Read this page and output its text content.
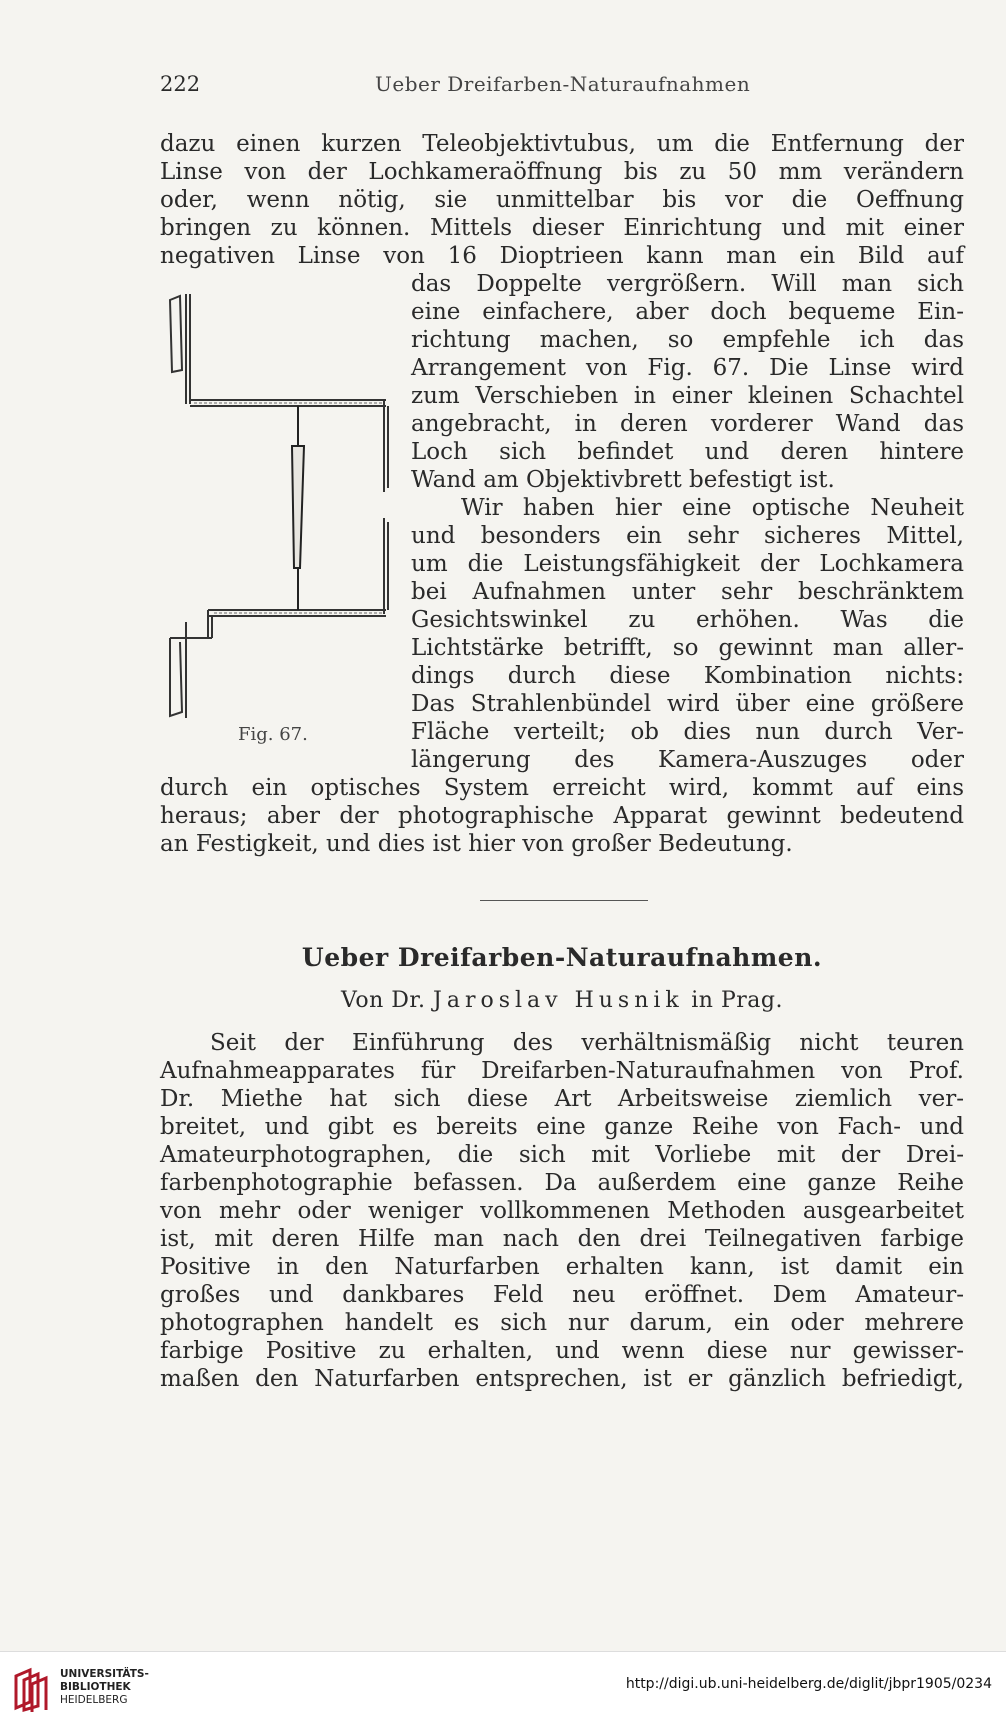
222	Ueber Dreifarben-Naturaufnahmen
dazu einen kurzen Teleobjektivtubus, um die Entfernung der
Linse von der Lochkameraöffnung bis zu 50 mm verändern
oder, wenn nötig, sie unmittelbar bis vor die Oeffnung
bringen zu können. Mittels dieser Einrichtung und mit einer
negativen Linse von 16 Dioptrieen kann man ein Bild auf
das Doppelte vergrößern. Will man sich
eine einfachere, aber doch bequeme Ein-
richtung machen, so empfehle ich das
Arrangement von Fig. 67. Die Linse wird
zum Verschieben in einer kleinen Schachtel
angebracht, in deren vorderer Wand das
Loch sich befindet und deren hintere
Wand am Objektivbrett befestigt ist.
Wir haben hier eine optische Neuheit
und besonders ein sehr sicheres Mittel,
um die Leistungsfähigkeit der Lochkamera
bei Aufnahmen unter sehr beschränktem
Gesichtswinkel zu erhöhen. Was die
Lichtstärke betrifft, so gewinnt man aller-
dings durch diese Kombination nichts:
Das Strahlenbündel wird über eine größere
Fläche verteilt; ob dies nun durch Ver-
längerung des Kamera-Auszuges oder
durch ein optisches System erreicht wird, kommt auf eins
heraus; aber der photographische Apparat gewinnt bedeutend
an Festigkeit, und dies ist hier von großer Bedeutung.
Fig. 67.
Ueber Dreifarben-Naturaufnahmen.
Von Dr. Jaroslav Husnik in Prag.
Seit der Einführung des verhältnismäßig nicht teuren
Aufnahmeapparates für Dreifarben-Naturaufnahmen von Prof.
Dr. Miethe hat sich diese Art Arbeitsweise ziemlich ver-
breitet, und gibt es bereits eine ganze Reihe von Fach- und
Amateurphotographen, die sich mit Vorliebe mit der Drei-
farbenphotographie befassen. Da außerdem eine ganze Reihe
von mehr oder weniger vollkommenen Methoden ausgearbeitet
ist, mit deren Hilfe man nach den drei Teilnegativen farbige
Positive in den Naturfarben erhalten kann, ist damit ein
großes und dankbares Feld neu eröffnet. Dem Amateur-
photographen handelt es sich nur darum, ein oder mehrere
farbige Positive zu erhalten, und wenn diese nur gewisser-
maßen den Naturfarben entsprechen, ist er gänzlich befriedigt,
UNIVERSITÄTS-
BIBLIOTHEK
HEIDELBERG
http://digi.ub.uni-heidelberg.de/diglit/jbpr1905/0234
